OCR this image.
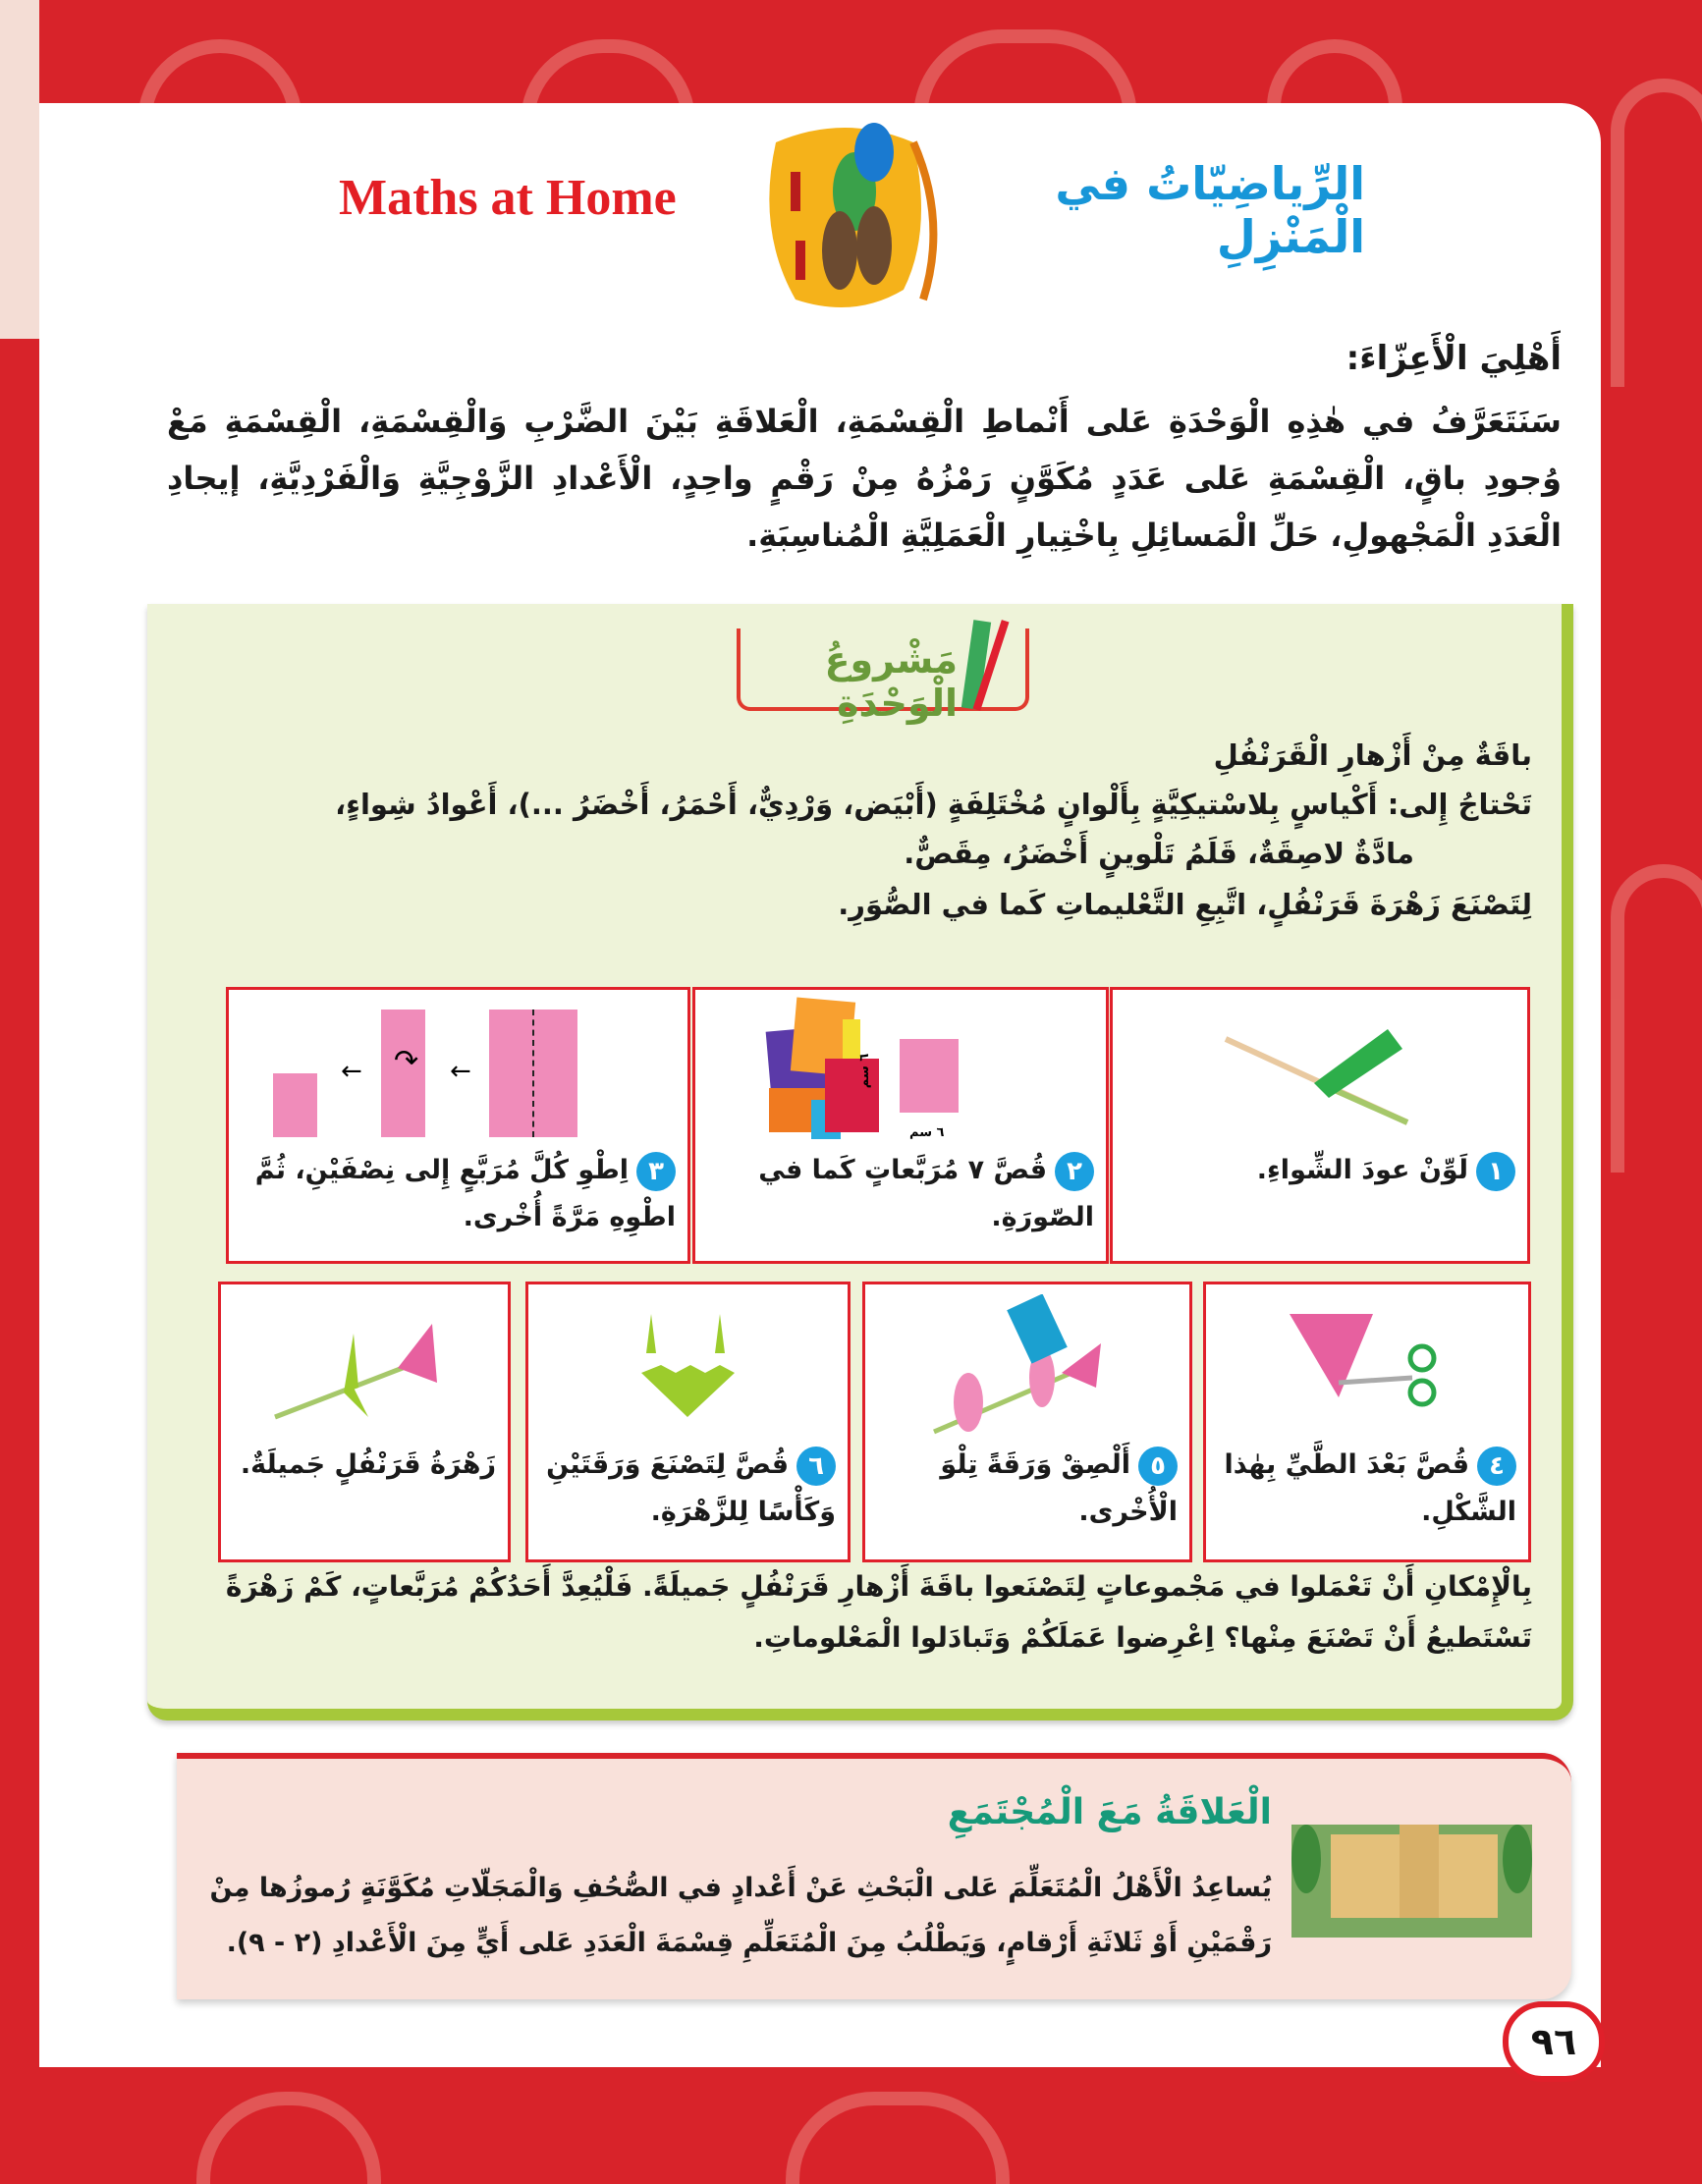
الرِّياضِيّاتُ في الْمَنْزِلِ
Maths at Home
أَهْلِيَ الْأَعِزّاءَ:
سَنَتَعَرَّفُ في هٰذِهِ الْوَحْدَةِ عَلى أَنْماطِ الْقِسْمَةِ، الْعَلاقَةِ بَيْنَ الضَّرْبِ وَالْقِسْمَةِ، الْقِسْمَةِ مَعْ وُجودِ باقٍ، الْقِسْمَةِ عَلى عَدَدٍ مُكَوَّنٍ رَمْزُهُ مِنْ رَقْمٍ واحِدٍ، الْأَعْدادِ الزَّوْجِيَّةِ وَالْفَرْدِيَّةِ، إيجادِ الْعَدَدِ الْمَجْهولِ، حَلِّ الْمَسائِلِ بِاخْتِيارِ الْعَمَلِيَّةِ الْمُناسِبَةِ.
مَشْروعُ الْوَحْدَةِ
باقَةٌ مِنْ أَزْهارِ الْقَرَنْفُلِ
تَحْتاجُ إِلى: أَكْياسٍ بِلاسْتيكِيَّةٍ بِأَلْوانٍ مُخْتَلِفَةٍ (أَبْيَض، وَرْدِيٌّ، أَحْمَرُ، أَخْضَرُ ...)، أَعْوادُ شِواءٍ،
مادَّةٌ لاصِقَةٌ، قَلَمُ تَلْوينٍ أَخْضَرُ، مِقَصٌّ.
لِتَصْنَعَ زَهْرَةَ قَرَنْفُلٍ، اتَّبِعِ التَّعْليماتِ كَما في الصُّوَرِ.
١لَوِّنْ عودَ الشِّواءِ.
٦ سم
٦ سم
٢قُصَّ ٧ مُرَبَّعاتٍ كَما في الصّورَةِ.
←
↷
←
٣اِطْوِ كُلَّ مُرَبَّعٍ إِلى نِصْفَيْنِ، ثُمَّ اطْوِهِ مَرَّةً أُخْرى.
٤قُصَّ بَعْدَ الطَّيِّ بِهٰذا الشَّكْلِ.
٥أَلْصِقْ وَرَقَةً تِلْوَ الْأُخْرى.
٦قُصَّ لِتَصْنَعَ وَرَقَتَيْنِ وَكَأْسًا لِلزَّهْرَةِ.
زَهْرَةُ قَرَنْفُلٍ جَميلَةٌ.
بِالْإِمْكانِ أَنْ تَعْمَلوا في مَجْموعاتٍ لِتَصْنَعوا باقَةَ أَزْهارِ قَرَنْفُلٍ جَميلَةً. فَلْيُعِدَّ أَحَدُكُمْ مُرَبَّعاتٍ، كَمْ زَهْرَةً تَسْتَطيعُ أَنْ تَصْنَعَ مِنْها؟ اِعْرِضوا عَمَلَكُمْ وَتَبادَلوا الْمَعْلوماتِ.
الْعَلاقَةُ مَعَ الْمُجْتَمَعِ
يُساعِدُ الْأَهْلُ الْمُتَعَلِّمَ عَلى الْبَحْثِ عَنْ أَعْدادٍ في الصُّحُفِ وَالْمَجَلّاتِ مُكَوَّنَةٍ رُموزُها مِنْ رَقْمَيْنِ أَوْ ثَلاثَةِ أَرْقامٍ، وَيَطْلُبُ مِنَ الْمُتَعَلِّمِ قِسْمَةَ الْعَدَدِ عَلى أَيٍّ مِنَ الْأَعْدادِ (٢ - ٩).
٩٦
